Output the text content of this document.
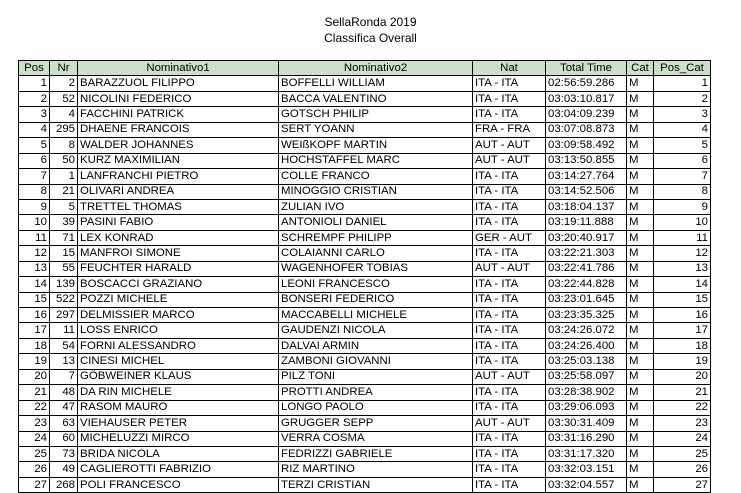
SellaRonda 2019
Classifica Overall
Pos	Nr	Nominativo1	Nominativo2	Nat	Total Time	Cat	Pos_Cat
1	2	BARAZZUOL FILIPPO	BOFFELLI WILLIAM	ITA - ITA	02:56:59.286	M	1
2	52	NICOLINI FEDERICO	BACCA VALENTINO	ITA - ITA	03:03:10.817	M	2
3	4	FACCHINI PATRICK	GOTSCH PHILIP	ITA - ITA	03:04:09.239	M	3
4	295	DHAENE FRANCOIS	SERT YOANN	FRA - FRA	03:07:08.873	M	4
5	8	WALDER JOHANNES	WEIßKOPF MARTIN	AUT - AUT	03:09:58.492	M	5
6	50	KURZ MAXIMILIAN	HOCHSTAFFEL MARC	AUT - AUT	03:13:50.855	M	6
7	1	LANFRANCHI PIETRO	COLLE FRANCO	ITA - ITA	03:14:27.764	M	7
8	21	OLIVARI ANDREA	MINOGGIO CRISTIAN	ITA - ITA	03:14:52.506	M	8
9	5	TRETTEL THOMAS	ZULIAN IVO	ITA - ITA	03:18:04.137	M	9
10	39	PASINI FABIO	ANTONIOLI DANIEL	ITA - ITA	03:19:11.888	M	10
11	71	LEX KONRAD	SCHREMPF PHILIPP	GER - AUT	03:20:40.917	M	11
12	15	MANFROI SIMONE	COLAIANNI CARLO	ITA - ITA	03:22:21.303	M	12
13	55	FEUCHTER HARALD	WAGENHOFER TOBIAS	AUT - AUT	03:22:41.786	M	13
14	139	BOSCACCI GRAZIANO	LEONI FRANCESCO	ITA - ITA	03:22:44.828	M	14
15	522	POZZI MICHELE	BONSERI FEDERICO	ITA - ITA	03:23:01.645	M	15
16	297	DELMISSIER MARCO	MACCABELLI MICHELE	ITA - ITA	03:23:35.325	M	16
17	11	LOSS ENRICO	GAUDENZI NICOLA	ITA - ITA	03:24:26.072	M	17
18	54	FORNI ALESSANDRO	DALVAI ARMIN	ITA - ITA	03:24:26.400	M	18
19	13	CINESI MICHEL	ZAMBONI GIOVANNI	ITA - ITA	03:25:03.138	M	19
20	7	GÖBWEINER KLAUS	PILZ TONI	AUT - AUT	03:25:58.097	M	20
21	48	DA RIN MICHELE	PROTTI ANDREA	ITA - ITA	03:28:38.902	M	21
22	47	RASOM MAURO	LONGO PAOLO	ITA - ITA	03:29:06.093	M	22
23	63	VIEHAUSER PETER	GRUGGER SEPP	AUT - AUT	03:30:31.409	M	23
24	60	MICHELUZZI MIRCO	VERRA COSMA	ITA - ITA	03:31:16.290	M	24
25	73	BRIDA NICOLA	FEDRIZZI GABRIELE	ITA - ITA	03:31:17.320	M	25
26	49	CAGLIEROTTI FABRIZIO	RIZ MARTINO	ITA - ITA	03:32:03.151	M	26
27	268	POLI FRANCESCO	TERZI CRISTIAN	ITA - ITA	03:32:04.557	M	27
